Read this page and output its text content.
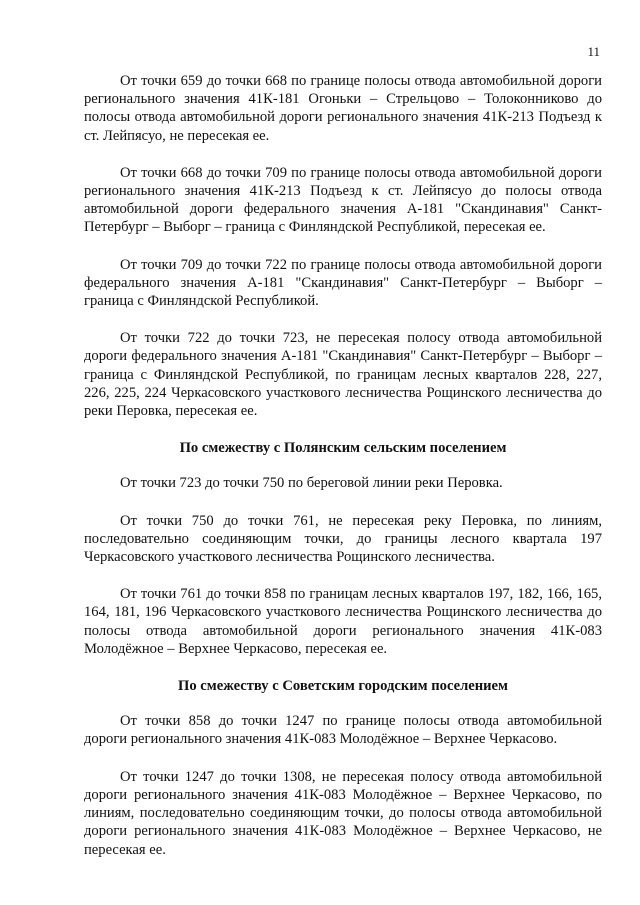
11

От точки 659 до точки 668 по границе полосы отвода автомобильной дороги регионального значения 41К-181 Огоньки – Стрельцово – Толоконниково до полосы отвода автомобильной дороги регионального значения 41К-213 Подъезд к ст. Лейпясуо, не пересекая ее.

От точки 668 до точки 709 по границе полосы отвода автомобильной дороги регионального значения 41К-213 Подъезд к ст. Лейпясуо до полосы отвода автомобильной дороги федерального значения А-181 "Скандинавия" Санкт-Петербург – Выборг – граница с Финляндской Республикой, пересекая ее.

От точки 709 до точки 722 по границе полосы отвода автомобильной дороги федерального значения А-181 "Скандинавия" Санкт-Петербург – Выборг – граница с Финляндской Республикой.

От точки 722 до точки 723, не пересекая полосу отвода автомобильной дороги федерального значения А-181 "Скандинавия" Санкт-Петербург – Выборг – граница с Финляндской Республикой, по границам лесных кварталов 228, 227, 226, 225, 224 Черкасовского участкового лесничества Рощинского лесничества до реки Перовка, пересекая ее.

По смежеству с Полянским сельским поселением

От точки 723 до точки 750 по береговой линии реки Перовка.

От точки 750 до точки 761, не пересекая реку Перовка, по линиям, последовательно соединяющим точки, до границы лесного квартала 197 Черкасовского участкового лесничества Рощинского лесничества.

От точки 761 до точки 858 по границам лесных кварталов 197, 182, 166, 165, 164, 181, 196 Черкасовского участкового лесничества Рощинского лесничества до полосы отвода автомобильной дороги регионального значения 41К-083 Молодёжное – Верхнее Черкасово, пересекая ее.

По смежеству с Советским городским поселением

От точки 858 до точки 1247 по границе полосы отвода автомобильной дороги регионального значения 41К-083 Молодёжное – Верхнее Черкасово.

От точки 1247 до точки 1308, не пересекая полосу отвода автомобильной дороги регионального значения 41К-083 Молодёжное – Верхнее Черкасово, по линиям, последовательно соединяющим точки, до полосы отвода автомобильной дороги регионального значения 41К-083 Молодёжное – Верхнее Черкасово, не пересекая ее.
